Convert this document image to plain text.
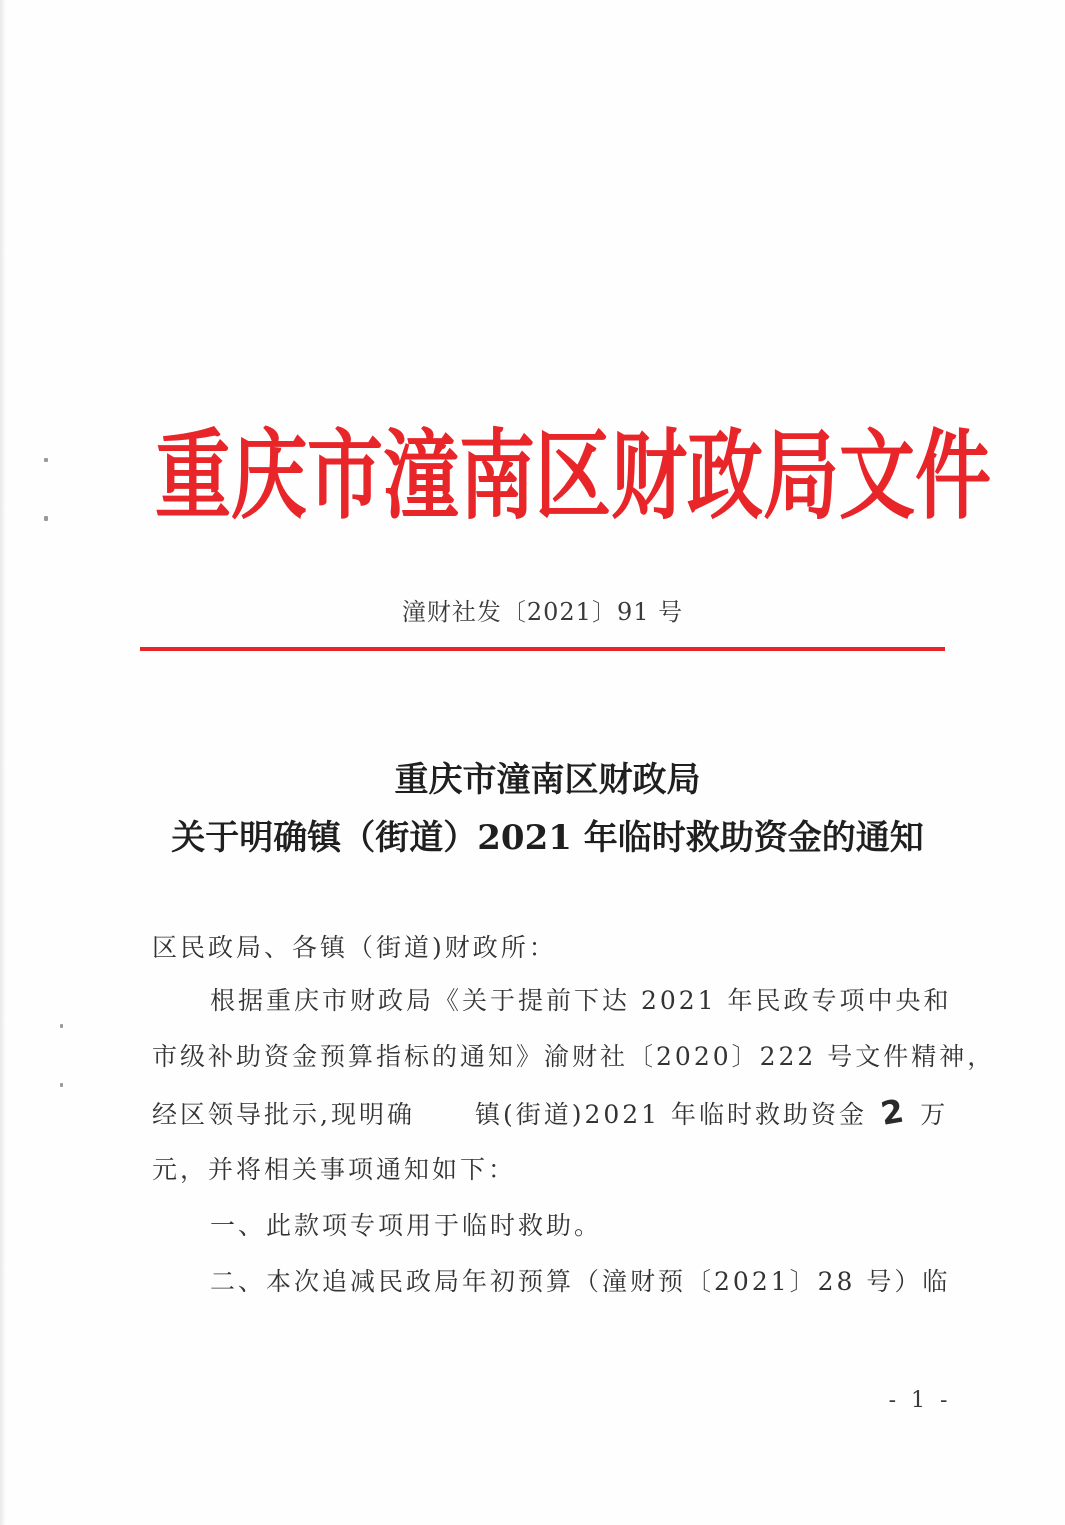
重庆市潼南区财政局文件
潼财社发〔2021〕91 号
重庆市潼南区财政局
关于明确镇（街道）2021 年临时救助资金的通知
区民政局、各镇（街道)财政所：
根据重庆市财政局《关于提前下达 2021 年民政专项中央和
市级补助资金预算指标的通知》渝财社〔2020〕222 号文件精神，
经区领导批示,现明确 镇(街道)2021 年临时救助资金 2 万
元，并将相关事项通知如下：
一、此款项专项用于临时救助。
二、本次追减民政局年初预算（潼财预〔2021〕28 号）临
- 1 -
